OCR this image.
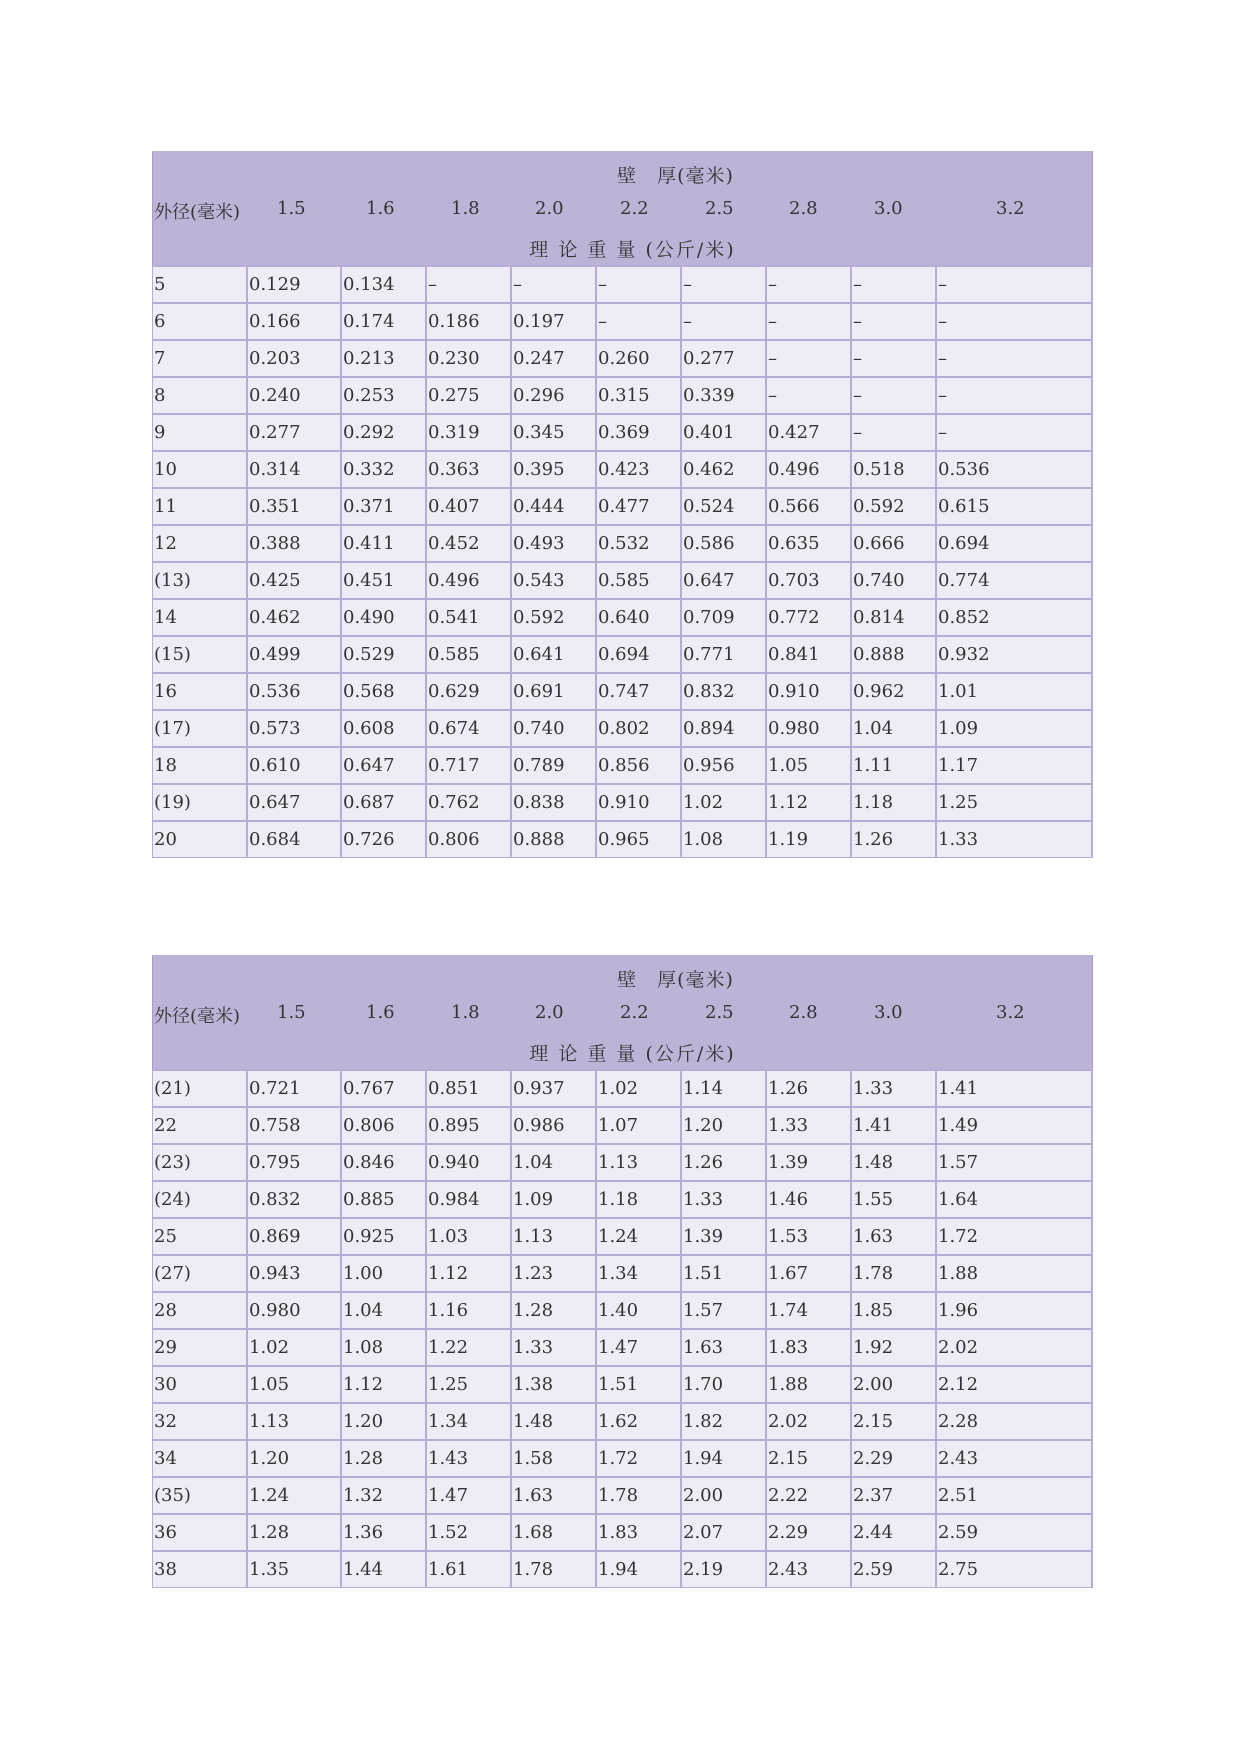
壁　厚(毫米)
外径(毫米) 1.5	1.6	1.8	2.0	2.2	2.5	2.8	3.0	3.2
理 论 重 量 (公斤/米)
5	0.129	0.134	–	–	–	–	–	–	–
6	0.166	0.174	0.186	0.197	–	–	–	–	–
7	0.203	0.213	0.230	0.247	0.260	0.277	–	–	–
8	0.240	0.253	0.275	0.296	0.315	0.339	–	–	–
9	0.277	0.292	0.319	0.345	0.369	0.401	0.427	–	–
10	0.314	0.332	0.363	0.395	0.423	0.462	0.496	0.518	0.536
11	0.351	0.371	0.407	0.444	0.477	0.524	0.566	0.592	0.615
12	0.388	0.411	0.452	0.493	0.532	0.586	0.635	0.666	0.694
(13)	0.425	0.451	0.496	0.543	0.585	0.647	0.703	0.740	0.774
14	0.462	0.490	0.541	0.592	0.640	0.709	0.772	0.814	0.852
(15)	0.499	0.529	0.585	0.641	0.694	0.771	0.841	0.888	0.932
16	0.536	0.568	0.629	0.691	0.747	0.832	0.910	0.962	1.01
(17)	0.573	0.608	0.674	0.740	0.802	0.894	0.980	1.04	1.09
18	0.610	0.647	0.717	0.789	0.856	0.956	1.05	1.11	1.17
(19)	0.647	0.687	0.762	0.838	0.910	1.02	1.12	1.18	1.25
20	0.684	0.726	0.806	0.888	0.965	1.08	1.19	1.26	1.33
壁　厚(毫米)
外径(毫米) 1.5	1.6	1.8	2.0	2.2	2.5	2.8	3.0	3.2
理 论 重 量 (公斤/米)
(21)	0.721	0.767	0.851	0.937	1.02	1.14	1.26	1.33	1.41
22	0.758	0.806	0.895	0.986	1.07	1.20	1.33	1.41	1.49
(23)	0.795	0.846	0.940	1.04	1.13	1.26	1.39	1.48	1.57
(24)	0.832	0.885	0.984	1.09	1.18	1.33	1.46	1.55	1.64
25	0.869	0.925	1.03	1.13	1.24	1.39	1.53	1.63	1.72
(27)	0.943	1.00	1.12	1.23	1.34	1.51	1.67	1.78	1.88
28	0.980	1.04	1.16	1.28	1.40	1.57	1.74	1.85	1.96
29	1.02	1.08	1.22	1.33	1.47	1.63	1.83	1.92	2.02
30	1.05	1.12	1.25	1.38	1.51	1.70	1.88	2.00	2.12
32	1.13	1.20	1.34	1.48	1.62	1.82	2.02	2.15	2.28
34	1.20	1.28	1.43	1.58	1.72	1.94	2.15	2.29	2.43
(35)	1.24	1.32	1.47	1.63	1.78	2.00	2.22	2.37	2.51
36	1.28	1.36	1.52	1.68	1.83	2.07	2.29	2.44	2.59
38	1.35	1.44	1.61	1.78	1.94	2.19	2.43	2.59	2.75
